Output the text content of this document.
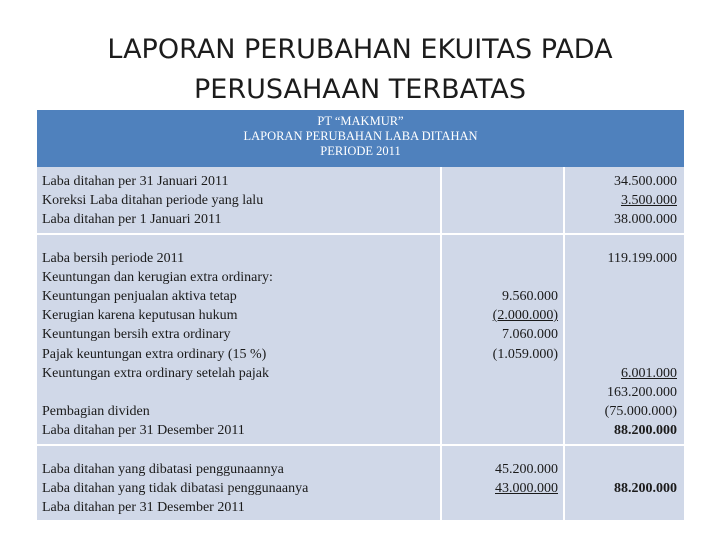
LAPORAN PERUBAHAN EKUITAS PADA
PERUSAHAAN TERBATAS
PT “MAKMUR”
LAPORAN PERUBAHAN LABA DITAHAN
PERIODE 2011
Laba ditahan per 31 Januari 2011
Koreksi Laba ditahan periode yang lalu
Laba ditahan per 1 Januari 2011
34.500.000
3.500.000
38.000.000
Laba bersih periode 2011
Keuntungan dan kerugian extra ordinary:
Keuntungan penjualan aktiva tetap
Kerugian karena keputusan hukum
Keuntungan bersih extra ordinary
Pajak keuntungan extra ordinary (15 %)
Keuntungan extra ordinary setelah pajak
Pembagian dividen
Laba ditahan per 31 Desember 2011
9.560.000
(2.000.000)
7.060.000
(1.059.000)
119.199.000
6.001.000
163.200.000
(75.000.000)
88.200.000
Laba ditahan yang dibatasi penggunaannya
Laba ditahan yang tidak dibatasi penggunaanya
Laba ditahan per 31 Desember 2011
45.200.000
43.000.000	88.200.000
